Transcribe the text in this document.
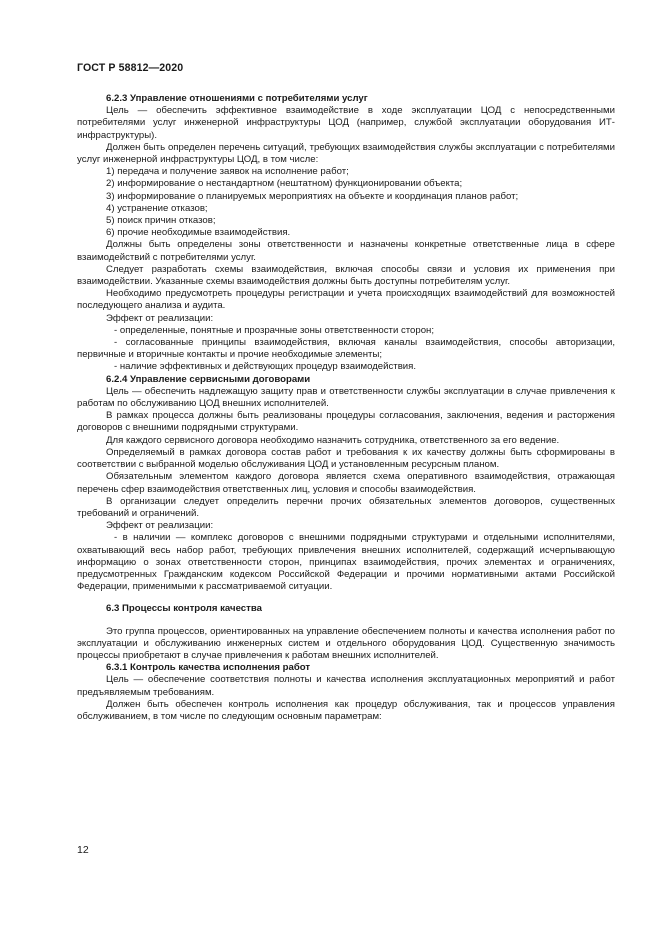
ГОСТ Р 58812—2020

6.2.3 Управление отношениями с потребителями услуг

Цель — обеспечить эффективное взаимодействие в ходе эксплуатации ЦОД с непосредственными потребителями услуг инженерной инфраструктуры ЦОД (например, службой эксплуатации оборудования ИТ-инфраструктуры).

Должен быть определен перечень ситуаций, требующих взаимодействия службы эксплуатации с потребителями услуг инженерной инфраструктуры ЦОД, в том числе:

1) передача и получение заявок на исполнение работ;

2) информирование о нестандартном (нештатном) функционировании объекта;

3) информирование о планируемых мероприятиях на объекте и координация планов работ;

4) устранение отказов;

5) поиск причин отказов;

6) прочие необходимые взаимодействия.

Должны быть определены зоны ответственности и назначены конкретные ответственные лица в сфере взаимодействий с потребителями услуг.

Следует разработать схемы взаимодействия, включая способы связи и условия их применения при взаимодействии. Указанные схемы взаимодействия должны быть доступны потребителям услуг.

Необходимо предусмотреть процедуры регистрации и учета происходящих взаимодействий для возможностей последующего анализа и аудита.

Эффект от реализации:

- определенные, понятные и прозрачные зоны ответственности сторон;

- согласованные принципы взаимодействия, включая каналы взаимодействия, способы авторизации, первичные и вторичные контакты и прочие необходимые элементы;

- наличие эффективных и действующих процедур взаимодействия.

6.2.4 Управление сервисными договорами

Цель — обеспечить надлежащую защиту прав и ответственности службы эксплуатации в случае привлечения к работам по обслуживанию ЦОД внешних исполнителей.

В рамках процесса должны быть реализованы процедуры согласования, заключения, ведения и расторжения договоров с внешними подрядными структурами.

Для каждого сервисного договора необходимо назначить сотрудника, ответственного за его ведение.

Определяемый в рамках договора состав работ и требования к их качеству должны быть сформированы в соответствии с выбранной моделью обслуживания ЦОД и установленным ресурсным планом.

Обязательным элементом каждого договора является схема оперативного взаимодействия, отражающая перечень сфер взаимодействия ответственных лиц, условия и способы взаимодействия.

В организации следует определить перечни прочих обязательных элементов договоров, существенных требований и ограничений.

Эффект от реализации:

- в наличии — комплекс договоров с внешними подрядными структурами и отдельными исполнителями, охватывающий весь набор работ, требующих привлечения внешних исполнителей, содержащий исчерпывающую информацию о зонах ответственности сторон, принципах взаимодействия, прочих элементах и ограничениях, предусмотренных Гражданским кодексом Российской Федерации и прочими нормативными актами Российской Федерации, применимыми к рассматриваемой ситуации.

6.3 Процессы контроля качества

Это группа процессов, ориентированных на управление обеспечением полноты и качества исполнения работ по эксплуатации и обслуживанию инженерных систем и отдельного оборудования ЦОД. Существенную значимость процессы приобретают в случае привлечения к работам внешних исполнителей.

6.3.1 Контроль качества исполнения работ

Цель — обеспечение соответствия полноты и качества исполнения эксплуатационных мероприятий и работ предъявляемым требованиям.

Должен быть обеспечен контроль исполнения как процедур обслуживания, так и процессов управления обслуживанием, в том числе по следующим основным параметрам:

12
